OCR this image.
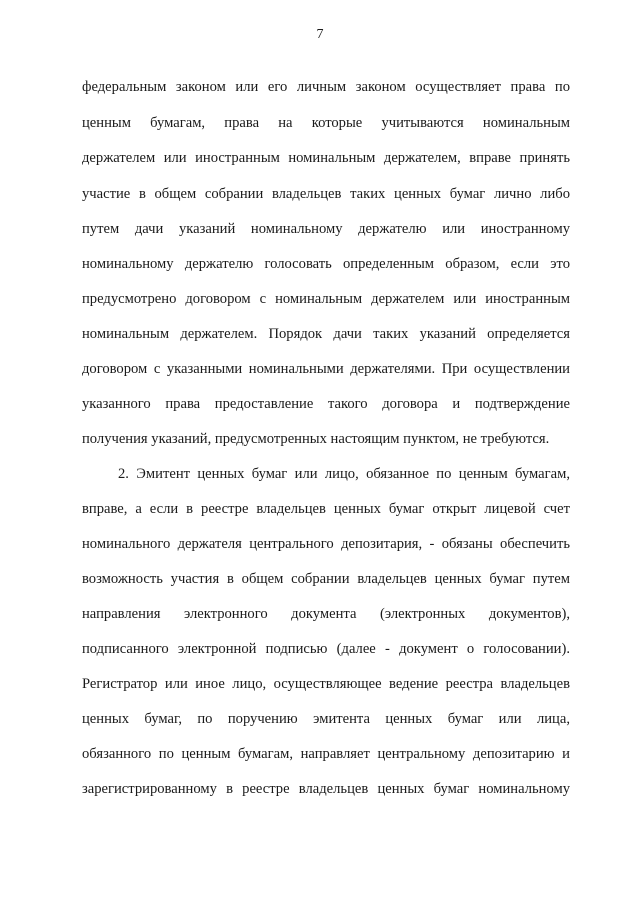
7
федеральным законом или его личным законом осуществляет права по
ценным бумагам, права на которые учитываются номинальным
держателем или иностранным номинальным держателем, вправе принять
участие в общем собрании владельцев таких ценных бумаг лично либо
путем дачи указаний номинальному держателю или иностранному
номинальному держателю голосовать определенным образом, если это
предусмотрено договором с номинальным держателем или иностранным
номинальным держателем. Порядок дачи таких указаний определяется
договором с указанными номинальными держателями. При осуществлении
указанного права предоставление такого договора и подтверждение
получения указаний, предусмотренных настоящим пунктом, не требуются.
2. Эмитент ценных бумаг или лицо, обязанное по ценным бумагам,
вправе, а если в реестре владельцев ценных бумаг открыт лицевой счет
номинального держателя центрального депозитария, - обязаны обеспечить
возможность участия в общем собрании владельцев ценных бумаг путем
направления электронного документа (электронных документов),
подписанного электронной подписью (далее - документ о голосовании).
Регистратор или иное лицо, осуществляющее ведение реестра владельцев
ценных бумаг, по поручению эмитента ценных бумаг или лица,
обязанного по ценным бумагам, направляет центральному депозитарию и
зарегистрированному в реестре владельцев ценных бумаг номинальному
